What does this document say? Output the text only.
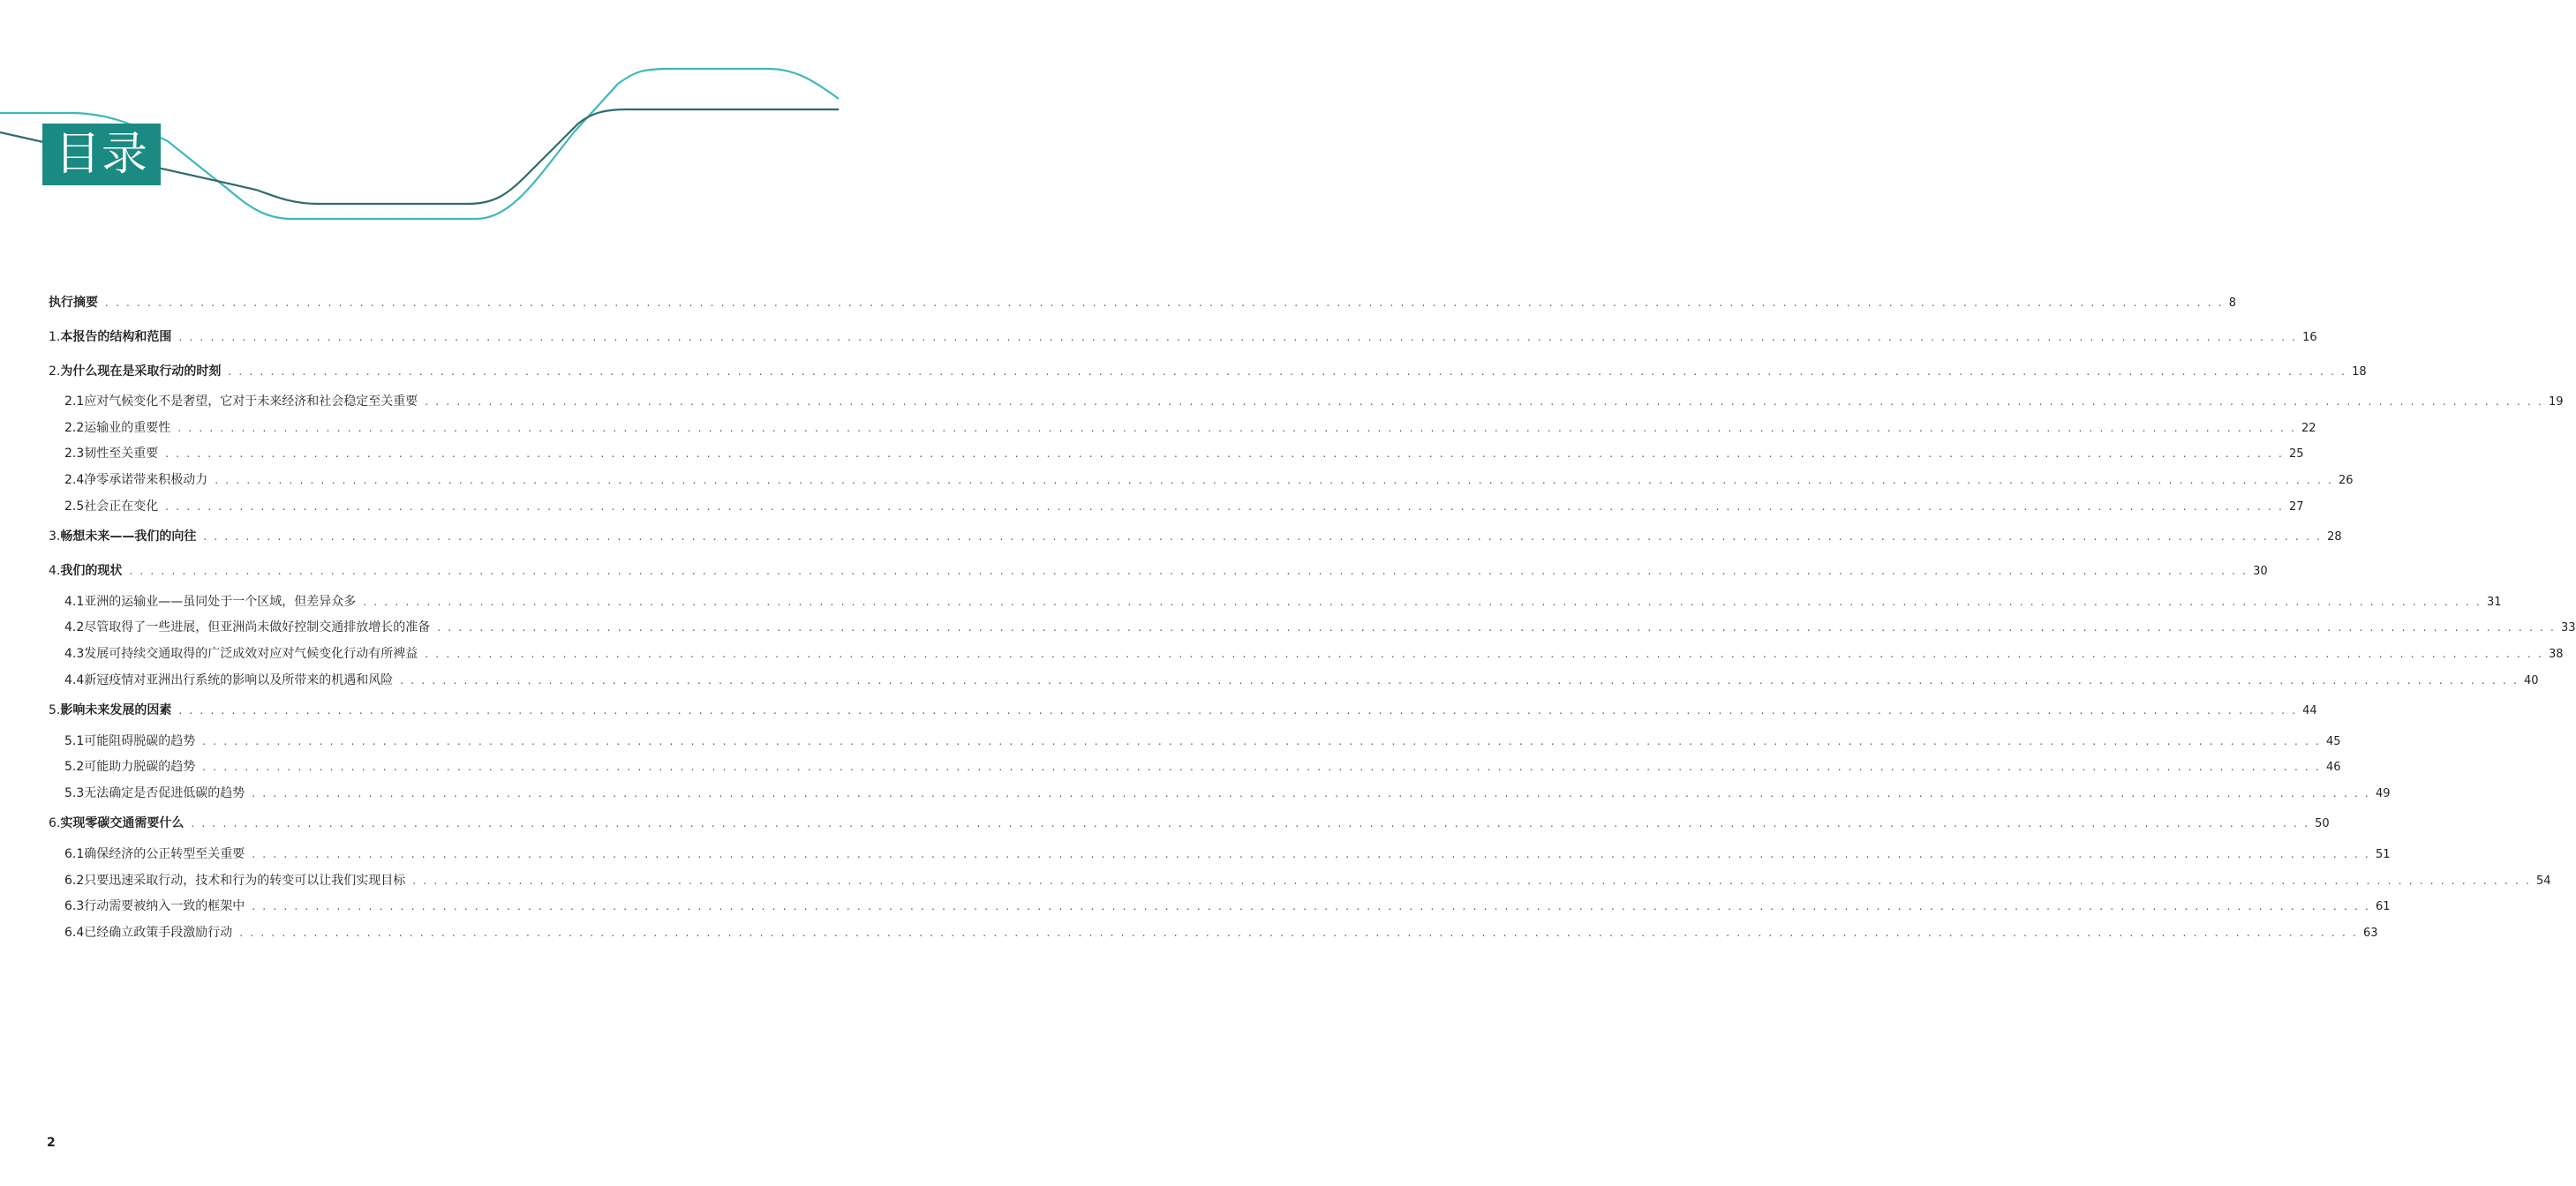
目录
执行摘要 . . . . . . . . . . . . . . . . . . . . . . . . . . . . . . . . . . . . . . . . . . . . . . . . . . . . . . . . . . . . . . . . . . . . . . . . . . . . . . . . . . . . . . . . . . . . . . . . . . . . . . . . . . . . . . . . . . . . . . . . . . . . . . . . . . . . . . . . . . . . . . . . . . . . . . . . . . . . . . . . . . . . . . . . . . . . . . . . . . . . . . . . . . . . . . . . . . . . . . . . 8
1. 本报告的结构和范围 . . . . . . . . . . . . . . . . . . . . . . . . . . . . . . . . . . . . . . . . . . . . . . . . . . . . . . . . . . . . . . . . . . . . . . . . . . . . . . . . . . . . . . . . . . . . . . . . . . . . . . . . . . . . . . . . . . . . . . . . . . . . . . . . . . . . . . . . . . . . . . . . . . . . . . . . . . . . . . . . . . . . . . . . . . . . . . . . . . . . . . . . . . . . . . . . . . . . . . . . 16
2. 为什么现在是采取行动的时刻 . . . . . . . . . . . . . . . . . . . . . . . . . . . . . . . . . . . . . . . . . . . . . . . . . . . . . . . . . . . . . . . . . . . . . . . . . . . . . . . . . . . . . . . . . . . . . . . . . . . . . . . . . . . . . . . . . . . . . . . . . . . . . . . . . . . . . . . . . . . . . . . . . . . . . . . . . . . . . . . . . . . . . . . . . . . . . . . . . . . . . . . . . . . . . . . . . . . . . . . . 18
2.1 应对气候变化不是奢望，它对于未来经济和社会稳定至关重要 . . . . . . . . . . . . . . . . . . . . . . . . . . . . . . . . . . . . . . . . . . . . . . . . . . . . . . . . . . . . . . . . . . . . . . . . . . . . . . . . . . . . . . . . . . . . . . . . . . . . . . . . . . . . . . . . . . . . . . . . . . . . . . . . . . . . . . . . . . . . . . . . . . . . . . . . . . . . . . . . . . . . . . . . . . . . . . . . . . . . . . . . . . . . . . . . . . . . . . . . 19
2.2 运输业的重要性 . . . . . . . . . . . . . . . . . . . . . . . . . . . . . . . . . . . . . . . . . . . . . . . . . . . . . . . . . . . . . . . . . . . . . . . . . . . . . . . . . . . . . . . . . . . . . . . . . . . . . . . . . . . . . . . . . . . . . . . . . . . . . . . . . . . . . . . . . . . . . . . . . . . . . . . . . . . . . . . . . . . . . . . . . . . . . . . . . . . . . . . . . . . . . . . . . . . . . . . . 22
2.3 韧性至关重要 . . . . . . . . . . . . . . . . . . . . . . . . . . . . . . . . . . . . . . . . . . . . . . . . . . . . . . . . . . . . . . . . . . . . . . . . . . . . . . . . . . . . . . . . . . . . . . . . . . . . . . . . . . . . . . . . . . . . . . . . . . . . . . . . . . . . . . . . . . . . . . . . . . . . . . . . . . . . . . . . . . . . . . . . . . . . . . . . . . . . . . . . . . . . . . . . . . . . . . . . 25
2.4 净零承诺带来积极动力 . . . . . . . . . . . . . . . . . . . . . . . . . . . . . . . . . . . . . . . . . . . . . . . . . . . . . . . . . . . . . . . . . . . . . . . . . . . . . . . . . . . . . . . . . . . . . . . . . . . . . . . . . . . . . . . . . . . . . . . . . . . . . . . . . . . . . . . . . . . . . . . . . . . . . . . . . . . . . . . . . . . . . . . . . . . . . . . . . . . . . . . . . . . . . . . . . . . . . . . . 26
2.5 社会正在变化 . . . . . . . . . . . . . . . . . . . . . . . . . . . . . . . . . . . . . . . . . . . . . . . . . . . . . . . . . . . . . . . . . . . . . . . . . . . . . . . . . . . . . . . . . . . . . . . . . . . . . . . . . . . . . . . . . . . . . . . . . . . . . . . . . . . . . . . . . . . . . . . . . . . . . . . . . . . . . . . . . . . . . . . . . . . . . . . . . . . . . . . . . . . . . . . . . . . . . . . . 27
3. 畅想未来——我们的向往 . . . . . . . . . . . . . . . . . . . . . . . . . . . . . . . . . . . . . . . . . . . . . . . . . . . . . . . . . . . . . . . . . . . . . . . . . . . . . . . . . . . . . . . . . . . . . . . . . . . . . . . . . . . . . . . . . . . . . . . . . . . . . . . . . . . . . . . . . . . . . . . . . . . . . . . . . . . . . . . . . . . . . . . . . . . . . . . . . . . . . . . . . . . . . . . . . . . . . . . . 28
4. 我们的现状 . . . . . . . . . . . . . . . . . . . . . . . . . . . . . . . . . . . . . . . . . . . . . . . . . . . . . . . . . . . . . . . . . . . . . . . . . . . . . . . . . . . . . . . . . . . . . . . . . . . . . . . . . . . . . . . . . . . . . . . . . . . . . . . . . . . . . . . . . . . . . . . . . . . . . . . . . . . . . . . . . . . . . . . . . . . . . . . . . . . . . . . . . . . . . . . . . . . . . . . . 30
4.1 亚洲的运输业——虽同处于一个区域，但差异众多 . . . . . . . . . . . . . . . . . . . . . . . . . . . . . . . . . . . . . . . . . . . . . . . . . . . . . . . . . . . . . . . . . . . . . . . . . . . . . . . . . . . . . . . . . . . . . . . . . . . . . . . . . . . . . . . . . . . . . . . . . . . . . . . . . . . . . . . . . . . . . . . . . . . . . . . . . . . . . . . . . . . . . . . . . . . . . . . . . . . . . . . . . . . . . . . . . . . . . . . . 31
4.2 尽管取得了一些进展，但亚洲尚未做好控制交通排放增长的准备 . . . . . . . . . . . . . . . . . . . . . . . . . . . . . . . . . . . . . . . . . . . . . . . . . . . . . . . . . . . . . . . . . . . . . . . . . . . . . . . . . . . . . . . . . . . . . . . . . . . . . . . . . . . . . . . . . . . . . . . . . . . . . . . . . . . . . . . . . . . . . . . . . . . . . . . . . . . . . . . . . . . . . . . . . . . . . . . . . . . . . . . . . . . . . . . . . . . . . . . . 33
4.3 发展可持续交通取得的广泛成效对应对气候变化行动有所裨益 . . . . . . . . . . . . . . . . . . . . . . . . . . . . . . . . . . . . . . . . . . . . . . . . . . . . . . . . . . . . . . . . . . . . . . . . . . . . . . . . . . . . . . . . . . . . . . . . . . . . . . . . . . . . . . . . . . . . . . . . . . . . . . . . . . . . . . . . . . . . . . . . . . . . . . . . . . . . . . . . . . . . . . . . . . . . . . . . . . . . . . . . . . . . . . . . . . . . . . . . 38
4.4 新冠疫情对亚洲出行系统的影响以及所带来的机遇和风险 . . . . . . . . . . . . . . . . . . . . . . . . . . . . . . . . . . . . . . . . . . . . . . . . . . . . . . . . . . . . . . . . . . . . . . . . . . . . . . . . . . . . . . . . . . . . . . . . . . . . . . . . . . . . . . . . . . . . . . . . . . . . . . . . . . . . . . . . . . . . . . . . . . . . . . . . . . . . . . . . . . . . . . . . . . . . . . . . . . . . . . . . . . . . . . . . . . . . . . . . 40
5. 影响未来发展的因素 . . . . . . . . . . . . . . . . . . . . . . . . . . . . . . . . . . . . . . . . . . . . . . . . . . . . . . . . . . . . . . . . . . . . . . . . . . . . . . . . . . . . . . . . . . . . . . . . . . . . . . . . . . . . . . . . . . . . . . . . . . . . . . . . . . . . . . . . . . . . . . . . . . . . . . . . . . . . . . . . . . . . . . . . . . . . . . . . . . . . . . . . . . . . . . . . . . . . . . . . 44
5.1 可能阻碍脱碳的趋势 . . . . . . . . . . . . . . . . . . . . . . . . . . . . . . . . . . . . . . . . . . . . . . . . . . . . . . . . . . . . . . . . . . . . . . . . . . . . . . . . . . . . . . . . . . . . . . . . . . . . . . . . . . . . . . . . . . . . . . . . . . . . . . . . . . . . . . . . . . . . . . . . . . . . . . . . . . . . . . . . . . . . . . . . . . . . . . . . . . . . . . . . . . . . . . . . . . . . . . . . 45
5.2 可能助力脱碳的趋势 . . . . . . . . . . . . . . . . . . . . . . . . . . . . . . . . . . . . . . . . . . . . . . . . . . . . . . . . . . . . . . . . . . . . . . . . . . . . . . . . . . . . . . . . . . . . . . . . . . . . . . . . . . . . . . . . . . . . . . . . . . . . . . . . . . . . . . . . . . . . . . . . . . . . . . . . . . . . . . . . . . . . . . . . . . . . . . . . . . . . . . . . . . . . . . . . . . . . . . . . 46
5.3 无法确定是否促进低碳的趋势 . . . . . . . . . . . . . . . . . . . . . . . . . . . . . . . . . . . . . . . . . . . . . . . . . . . . . . . . . . . . . . . . . . . . . . . . . . . . . . . . . . . . . . . . . . . . . . . . . . . . . . . . . . . . . . . . . . . . . . . . . . . . . . . . . . . . . . . . . . . . . . . . . . . . . . . . . . . . . . . . . . . . . . . . . . . . . . . . . . . . . . . . . . . . . . . . . . . . . . . . 49
6. 实现零碳交通需要什么 . . . . . . . . . . . . . . . . . . . . . . . . . . . . . . . . . . . . . . . . . . . . . . . . . . . . . . . . . . . . . . . . . . . . . . . . . . . . . . . . . . . . . . . . . . . . . . . . . . . . . . . . . . . . . . . . . . . . . . . . . . . . . . . . . . . . . . . . . . . . . . . . . . . . . . . . . . . . . . . . . . . . . . . . . . . . . . . . . . . . . . . . . . . . . . . . . . . . . . . . 50
6.1 确保经济的公正转型至关重要 . . . . . . . . . . . . . . . . . . . . . . . . . . . . . . . . . . . . . . . . . . . . . . . . . . . . . . . . . . . . . . . . . . . . . . . . . . . . . . . . . . . . . . . . . . . . . . . . . . . . . . . . . . . . . . . . . . . . . . . . . . . . . . . . . . . . . . . . . . . . . . . . . . . . . . . . . . . . . . . . . . . . . . . . . . . . . . . . . . . . . . . . . . . . . . . . . . . . . . . . 51
6.2 只要迅速采取行动，技术和行为的转变可以让我们实现目标 . . . . . . . . . . . . . . . . . . . . . . . . . . . . . . . . . . . . . . . . . . . . . . . . . . . . . . . . . . . . . . . . . . . . . . . . . . . . . . . . . . . . . . . . . . . . . . . . . . . . . . . . . . . . . . . . . . . . . . . . . . . . . . . . . . . . . . . . . . . . . . . . . . . . . . . . . . . . . . . . . . . . . . . . . . . . . . . . . . . . . . . . . . . . . . . . . . . . . . . . 54
6.3 行动需要被纳入一致的框架中 . . . . . . . . . . . . . . . . . . . . . . . . . . . . . . . . . . . . . . . . . . . . . . . . . . . . . . . . . . . . . . . . . . . . . . . . . . . . . . . . . . . . . . . . . . . . . . . . . . . . . . . . . . . . . . . . . . . . . . . . . . . . . . . . . . . . . . . . . . . . . . . . . . . . . . . . . . . . . . . . . . . . . . . . . . . . . . . . . . . . . . . . . . . . . . . . . . . . . . . . 61
6.4 已经确立政策手段激励行动 . . . . . . . . . . . . . . . . . . . . . . . . . . . . . . . . . . . . . . . . . . . . . . . . . . . . . . . . . . . . . . . . . . . . . . . . . . . . . . . . . . . . . . . . . . . . . . . . . . . . . . . . . . . . . . . . . . . . . . . . . . . . . . . . . . . . . . . . . . . . . . . . . . . . . . . . . . . . . . . . . . . . . . . . . . . . . . . . . . . . . . . . . . . . . . . . . . . . . . . . 63
2
